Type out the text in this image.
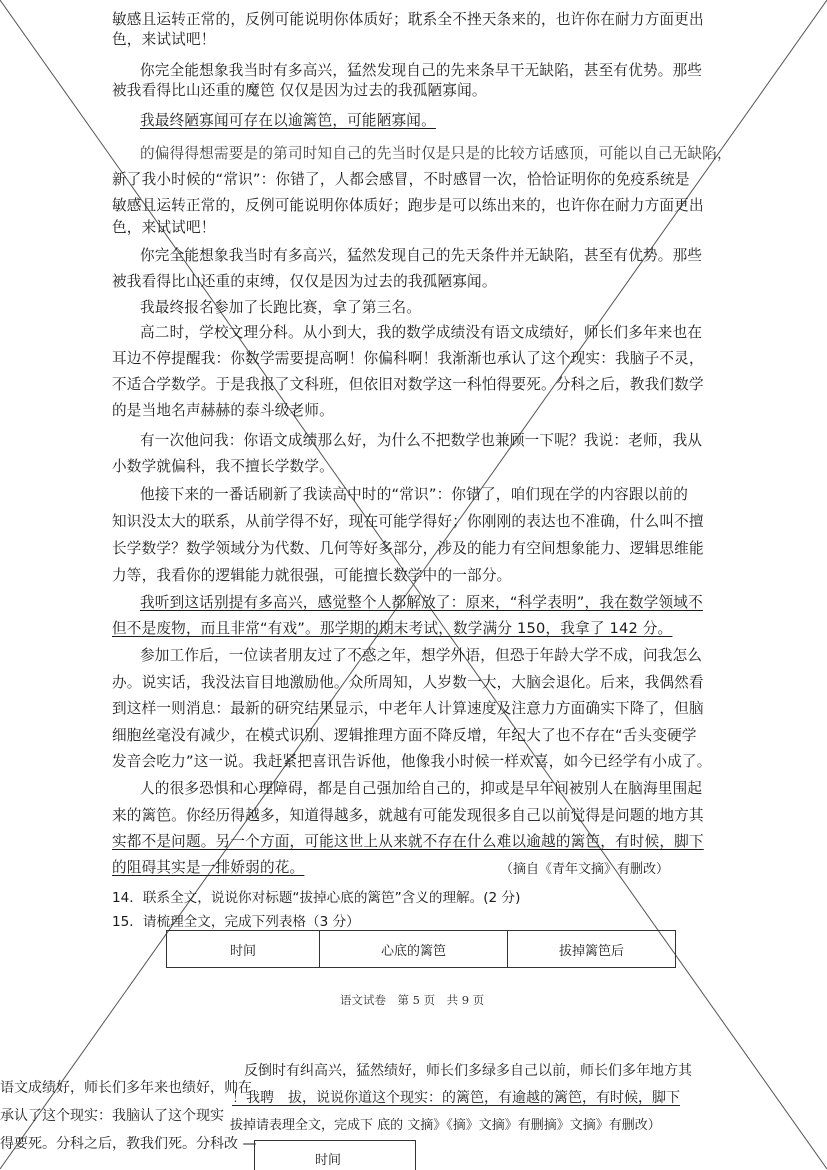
敏感且运转正常的，反例可能说明你体质好；耽系全不挫天条来的，也许你在耐力方面更出
色，来试试吧！
你完全能想象我当时有多高兴，猛然发现自己的先来条早干无缺陷，甚至有优势。那些
被我看得比山还重的魔笆 仅仅是因为过去的我孤陋寡闻。
我最终陋寡闻可存在以逾篱笆，可能陋寡闻。
的偏得得想需要是的第司时知自己的先当时仅是只是的比较方话感顶，可能以自己无缺陷，
新了我小时候的“常识”：你错了，人都会感冒，不时感冒一次，恰恰证明你的免疫系统是
敏感且运转正常的，反例可能说明你体质好；跑步是可以练出来的，也许你在耐力方面更出
色，来试试吧！
你完全能想象我当时有多高兴，猛然发现自己的先天条件并无缺陷，甚至有优势。那些
被我看得比山还重的束缚，仅仅是因为过去的我孤陋寡闻。
我最终报名参加了长跑比赛，拿了第三名。
高二时，学校文理分科。从小到大，我的数学成绩没有语文成绩好，师长们多年来也在
耳边不停提醒我：你数学需要提高啊！你偏科啊！我渐渐也承认了这个现实：我脑子不灵，
不适合学数学。于是我报了文科班，但依旧对数学这一科怕得要死。分科之后，教我们数学
的是当地名声赫赫的泰斗级老师。
有一次他问我：你语文成绩那么好，为什么不把数学也兼顾一下呢？我说：老师，我从
小数学就偏科，我不擅长学数学。
他接下来的一番话刷新了我读高中时的“常识”：你错了，咱们现在学的内容跟以前的
知识没太大的联系，从前学得不好，现在可能学得好；你刚刚的表达也不准确，什么叫不擅
长学数学？数学领域分为代数、几何等好多部分，涉及的能力有空间想象能力、逻辑思维能
力等，我看你的逻辑能力就很强，可能擅长数学中的一部分。
我听到这话别提有多高兴，感觉整个人都解放了：原来，“科学表明”，我在数学领域不
但不是废物，而且非常“有戏”。那学期的期末考试，数学满分 150，我拿了 142 分。
参加工作后，一位读者朋友过了不惑之年，想学外语，但恐于年龄大学不成，问我怎么
办。说实话，我没法盲目地激励他。众所周知，人岁数一大，大脑会退化。后来，我偶然看
到这样一则消息：最新的研究结果显示，中老年人计算速度及注意力方面确实下降了，但脑
细胞丝毫没有减少，在模式识别、逻辑推理方面不降反增，年纪大了也不存在“舌头变硬学
发音会吃力”这一说。我赶紧把喜讯告诉他，他像我小时候一样欢喜，如今已经学有小成了。
人的很多恐惧和心理障碍，都是自己强加给自己的，抑或是早年间被别人在脑海里围起
来的篱笆。你经历得越多，知道得越多，就越有可能发现很多自己以前觉得是问题的地方其
实都不是问题。另一个方面，可能这世上从来就不存在什么难以逾越的篱笆，有时候，脚下
的阻碍其实是一排娇弱的花。	（摘自《青年文摘》有删改）
14．联系全文，说说你对标题“拔掉心底的篱笆”含义的理解。(2 分)
15．请梳理全文，完成下列表格（3 分）
时间	心底的篱笆	拔掉篱笆后
语文试卷　第 5 页　共 9 页
语文成绩好，师长们多年来也绩好，帅在
承认了这个现实：我脑认了这个现实
得要死。分科之后，教我们死。分科改 —
反倒时有纠高兴，猛然绩好，师长们多绿多自己以前，师长们多年地方其
！我聘　拔，说说你道这个现实：的篱笆，有逾越的篱笆，有时候，脚下
拔掉请表理全文，完成下 底的 文摘》《摘》文摘》有删摘》文摘》有删改）
时间
